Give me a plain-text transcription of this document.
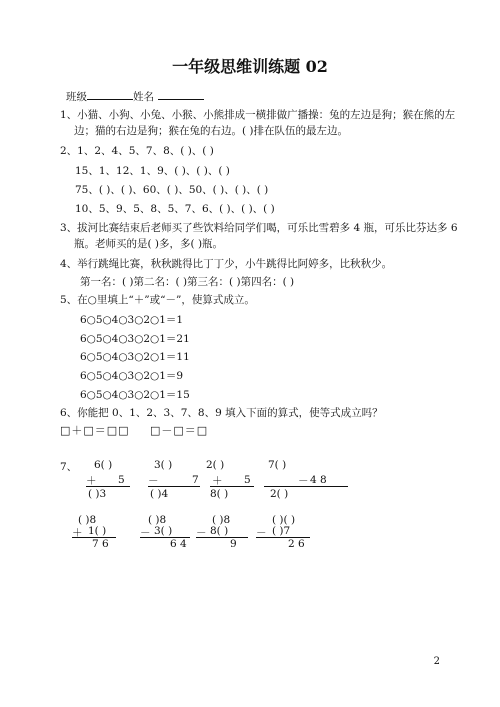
一年级思维训练题 02
班级	姓名
1、小猫、小狗、小兔、小猴、小熊排成一横排做广播操：兔的左边是狗；猴在熊的左
边；猫的右边是狗；猴在兔的右边。( )排在队伍的最左边。
2、1、2、4、5、7、8、( )、( )
15、1、12、1、9、( )、( )、( )
75、( )、( )、60、( )、50、( )、( )、( )
10、5、9、5、8、5、7、6、( )、( )、( )
3、拔河比赛结束后老师买了些饮料给同学们喝，可乐比雪碧多 4 瓶，可乐比芬达多 6
瓶。老师买的是( )多，多( )瓶。
4、举行跳绳比赛，秋秋跳得比丁丁少，小牛跳得比阿婷多，比秋秋少。
第一名：( )第二名：( )第三名：( )第四名：( )
5、在○里填上“＋”或“－”，使算式成立。
6○5○4○3○2○1＝1
6○5○4○3○2○1＝21
6○5○4○3○2○1＝11
6○5○4○3○2○1＝9
6○5○4○3○2○1＝15
6、你能把 0、1、2、3、7、8、9 填入下面的算式，使等式成立吗？
□＋□＝□□ □－□＝□
7、 6( )
＋ 5
( )3
3( )
－	7
( )4
2( )
＋ 5
8( )
7( )
－ 4 8
2( )
( )8
＋ 1( )
7 6
( )8
－ 3( )
6 4
( )8
－ 8( )
9
( )( )
－ ( )7
2 6
2
